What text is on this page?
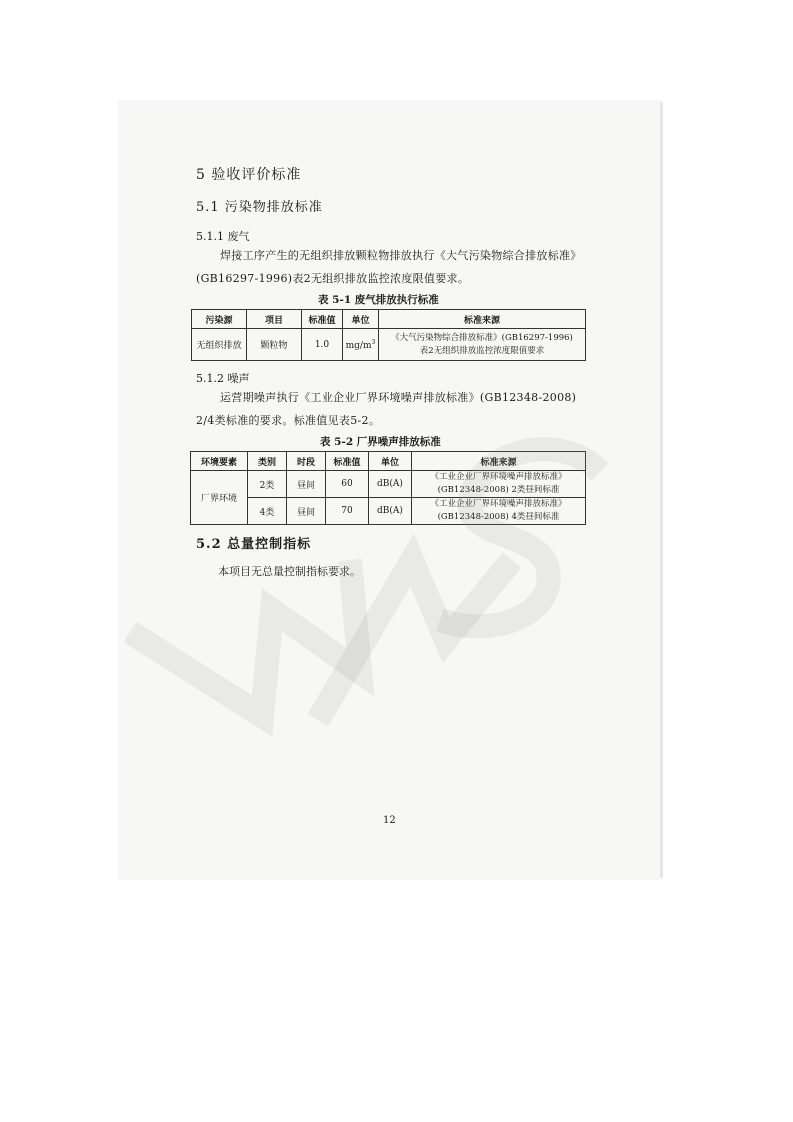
5 验收评价标准
5.1 污染物排放标准
5.1.1 废气
焊接工序产生的无组织排放颗粒物排放执行《大气污染物综合排放标准》(GB16297-1996)表2无组织排放监控浓度限值要求。
表 5-1 废气排放执行标准
污染源	项目	标准值	单位	标准来源
无组织排放	颗粒物	1.0	$mg/m^3$	《大气污染物综合排放标准》(GB16297-1996)
表2无组织排放监控浓度限值要求
5.1.2 噪声
运营期噪声执行《工业企业厂界环境噪声排放标准》(GB12348-2008) 2/4类标准的要求。标准值见表5-2。
表 5-2 厂界噪声排放标准
环境要素	类别	时段	标准值	单位	标准来源
厂界环境	2类	昼间	60	dB(A)	《工业企业厂界环境噪声排放标准》
(GB12348-2008) 2类昼间标准

	4类	昼间	70	dB(A)	《工业企业厂界环境噪声排放标准》
(GB12348-2008) 4类昼间标准
5.2 总量控制指标
本项目无总量控制指标要求。
12
